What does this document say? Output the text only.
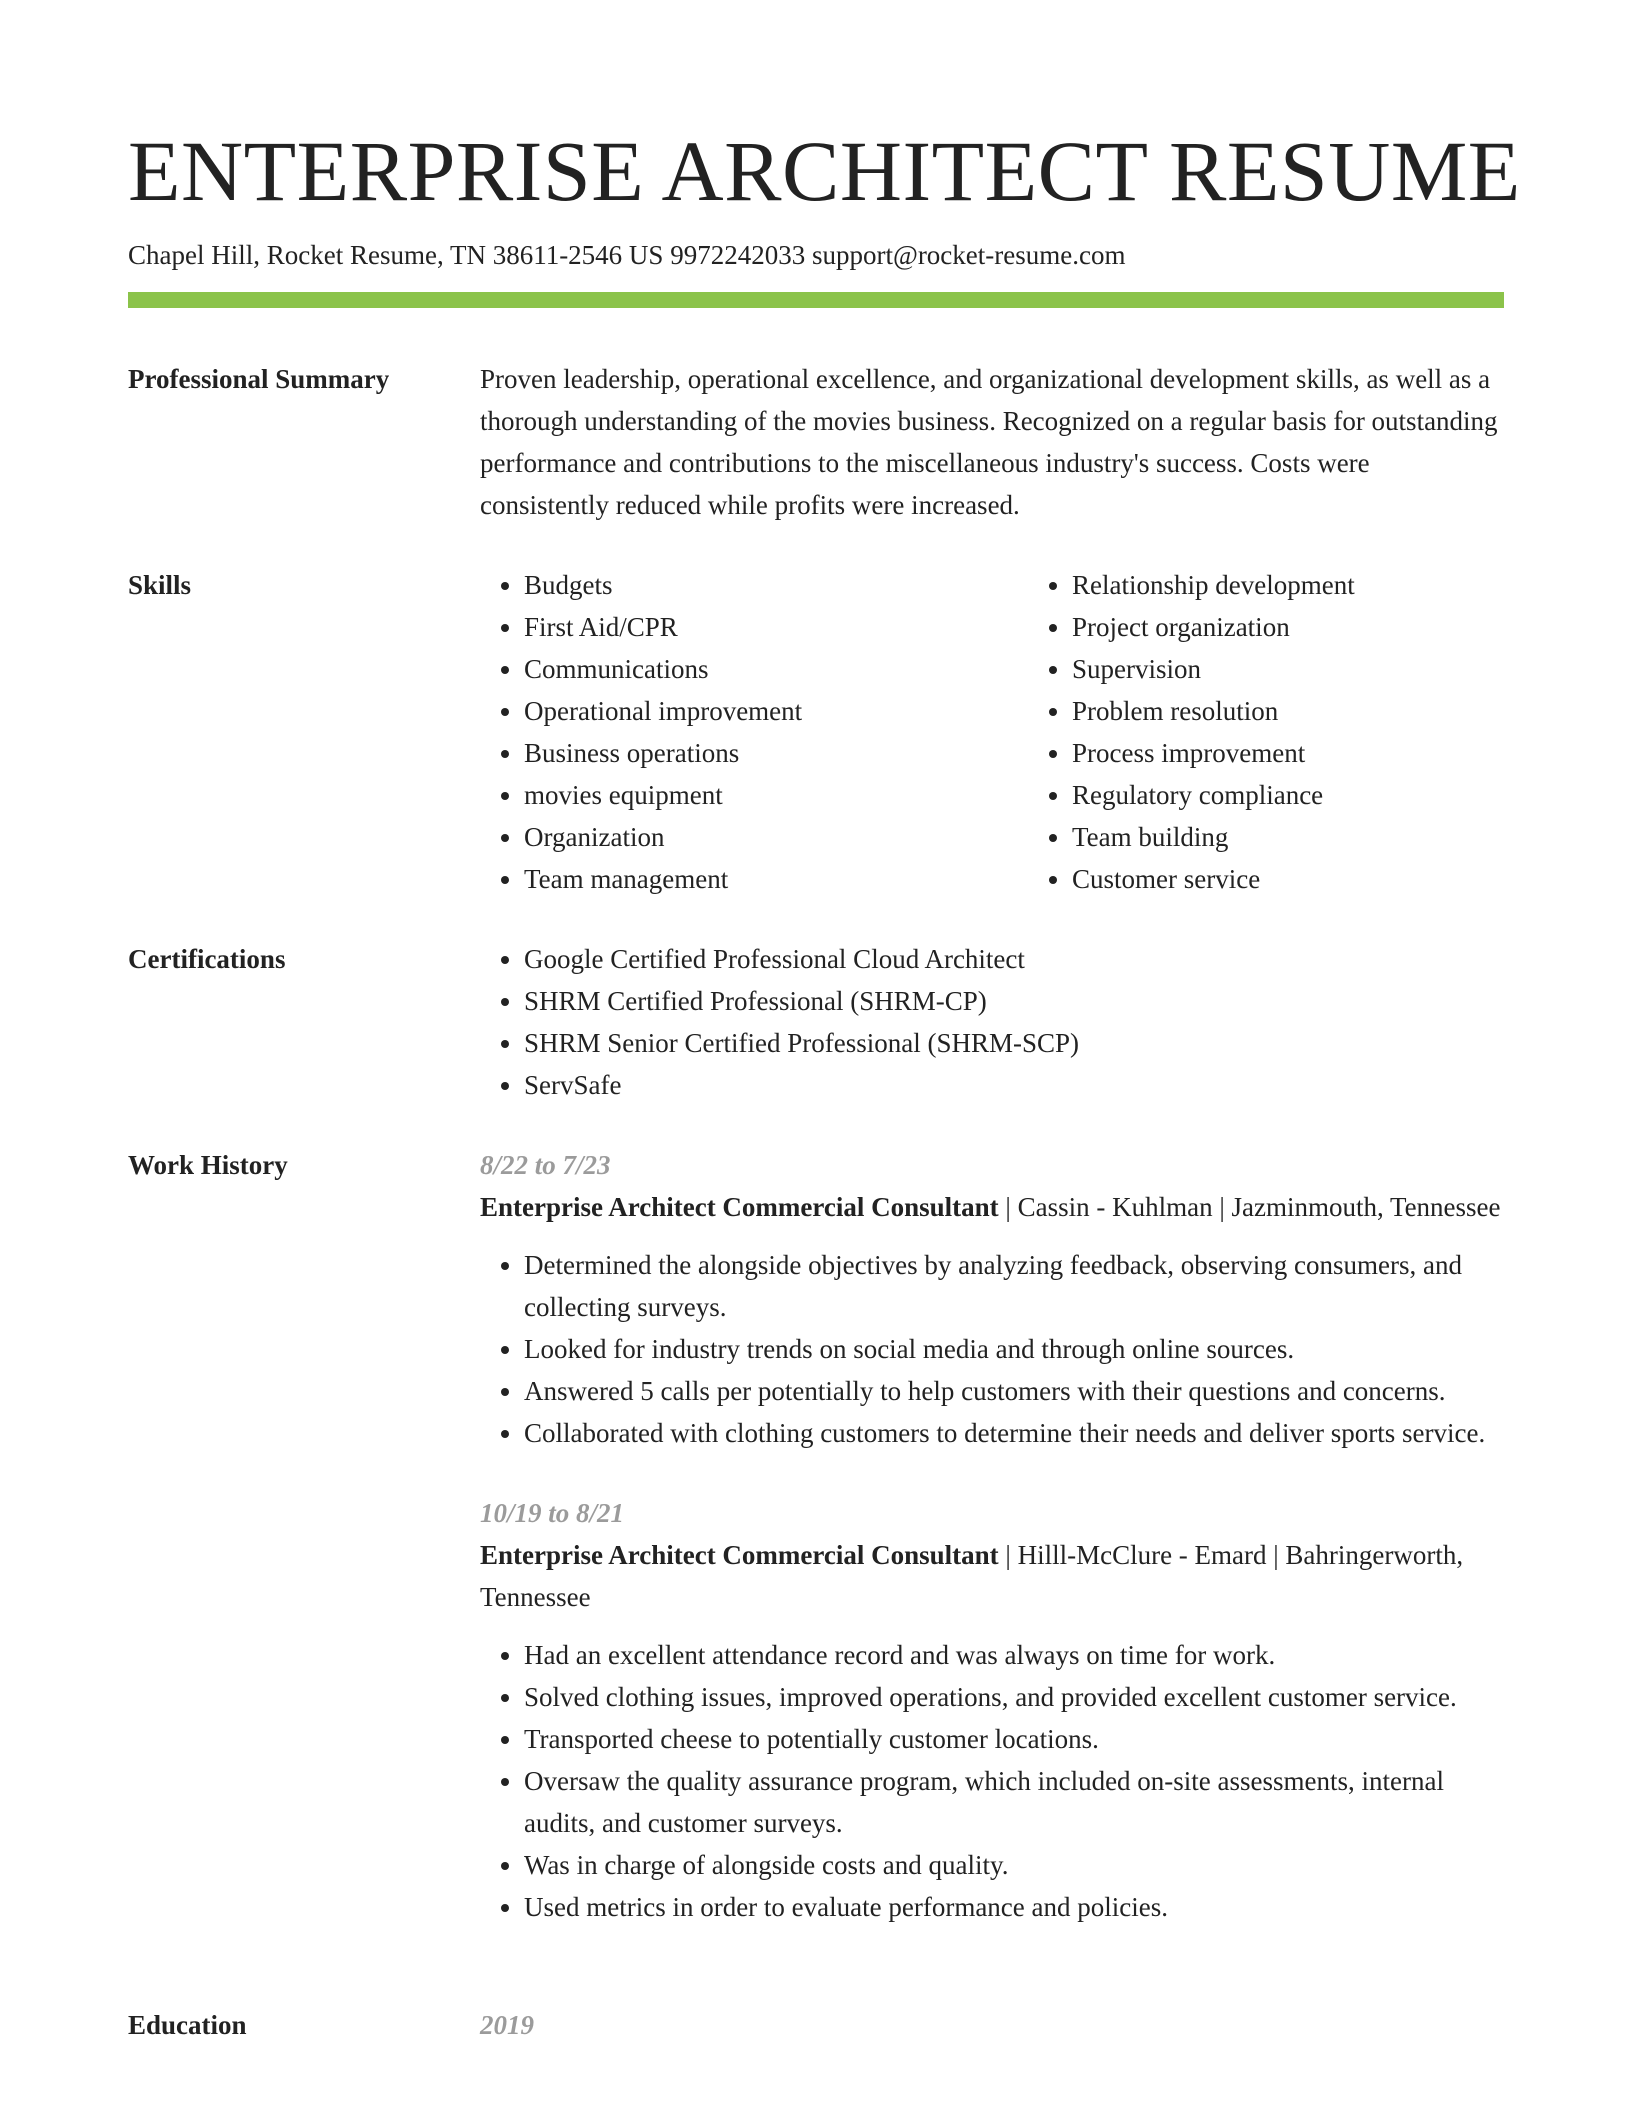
ENTERPRISE ARCHITECT RESUME
Chapel Hill, Rocket Resume, TN 38611-2546 US 9972242033 support@rocket-resume.com
Professional Summary	Proven leadership, operational excellence, and organizational development skills, as well as a thorough understanding of the movies business. Recognized on a regular basis for outstanding performance and contributions to the miscellaneous industry's success. Costs were consistently reduced while profits were increased.

Skills	• Budgets
• First Aid/CPR
• Communications
• Operational improvement
• Business operations
• movies equipment
• Organization
• Team management
• Relationship development
• Project organization
• Supervision
• Problem resolution
• Process improvement
• Regulatory compliance
• Team building
• Customer service
Certifications	• Google Certified Professional Cloud Architect
• SHRM Certified Professional (SHRM-CP)
• SHRM Senior Certified Professional (SHRM-SCP)
• ServSafe
Work History	8/22 to 7/23
Enterprise Architect Commercial Consultant | Cassin - Kuhlman | Jazminmouth, Tennessee
• Determined the alongside objectives by analyzing feedback, observing consumers, and collecting surveys.
• Looked for industry trends on social media and through online sources.
• Answered 5 calls per potentially to help customers with their questions and concerns.
• Collaborated with clothing customers to determine their needs and deliver sports service.
10/19 to 8/21
Enterprise Architect Commercial Consultant | Hilll-McClure - Emard | Bahringerworth, Tennessee
• Had an excellent attendance record and was always on time for work.
• Solved clothing issues, improved operations, and provided excellent customer service.
• Transported cheese to potentially customer locations.
• Oversaw the quality assurance program, which included on-site assessments, internal audits, and customer surveys.
• Was in charge of alongside costs and quality.
• Used metrics in order to evaluate performance and policies.
Education	2019
